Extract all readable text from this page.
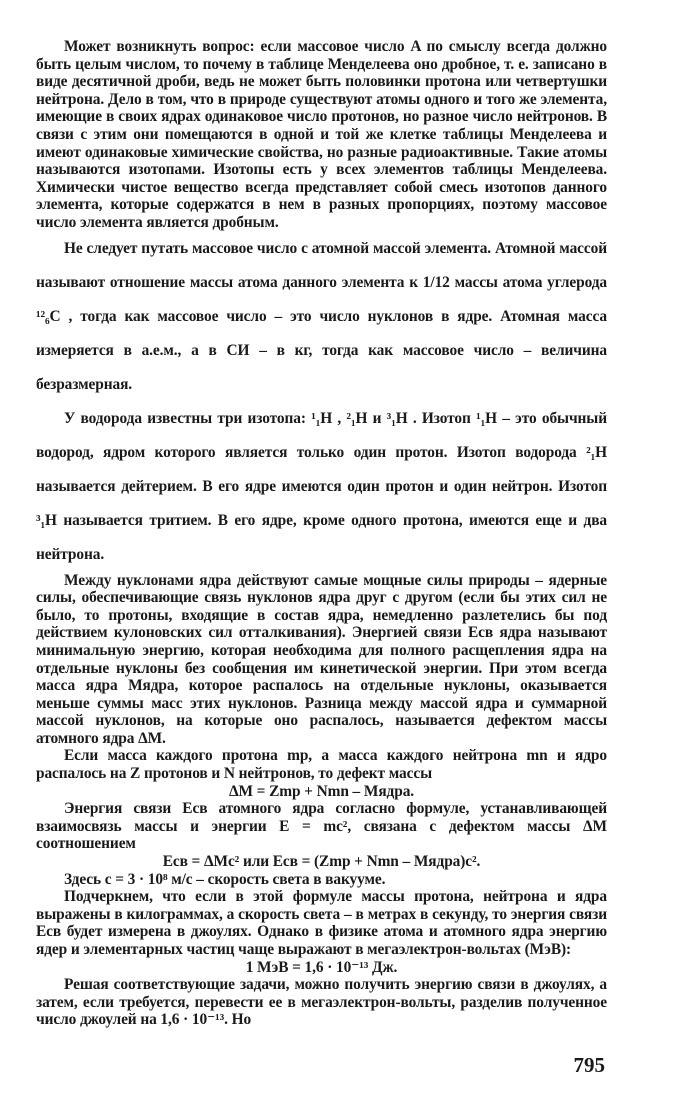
Может возникнуть вопрос: если массовое число A по смыслу всегда должно быть целым числом, то почему в таблице Менделеева оно дробное, т. е. записано в виде десятичной дроби, ведь не может быть половинки протона или четвертушки нейтрона. Дело в том, что в природе существуют атомы одного и того же элемента, имеющие в своих ядрах одинаковое число протонов, но разное число нейтронов. В связи с этим они помещаются в одной и той же клетке таблицы Менделеева и имеют одинаковые химические свойства, но разные радиоактивные. Такие атомы называются изотопами. Изотопы есть у всех элементов таблицы Менделеева. Химически чистое вещество всегда представляет собой смесь изотопов данного элемента, которые содержатся в нем в разных пропорциях, поэтому массовое число элемента является дробным.

Не следует путать массовое число с атомной массой элемента. Атомной массой называют отношение массы атома данного элемента к 1/12 массы атома углерода ¹²₆C , тогда как массовое число – это число нуклонов в ядре. Атомная масса измеряется в а.е.м., а в СИ – в кг, тогда как массовое число – величина безразмерная.

У водорода известны три изотопа: ¹₁H , ²₁H и ³₁H . Изотоп ¹₁H – это обычный водород, ядром которого является только один протон. Изотоп водорода ²₁H называется дейтерием. В его ядре имеются один протон и один нейтрон. Изотоп ³₁H называется тритием. В его ядре, кроме одного протона, имеются еще и два нейтрона.

Между нуклонами ядра действуют самые мощные силы природы – ядерные силы, обеспечивающие связь нуклонов ядра друг с другом (если бы этих сил не было, то протоны, входящие в состав ядра, немедленно разлетелись бы под действием кулоновских сил отталкивания). Энергией связи Eсв ядра называют минимальную энергию, которая необходима для полного расщепления ядра на отдельные нуклоны без сообщения им кинетической энергии. При этом всегда масса ядра Mядра, которое распалось на отдельные нуклоны, оказывается меньше суммы масс этих нуклонов. Разница между массой ядра и суммарной массой нуклонов, на которые оно распалось, называется дефектом массы атомного ядра ΔM.

Если масса каждого протона mp, а масса каждого нейтрона mn и ядро распалось на Z протонов и N нейтронов, то дефект массы

ΔM = Zmp + Nmn – Mядра.

Энергия связи Eсв атомного ядра согласно формуле, устанавливающей взаимосвязь массы и энергии E = mc², связана с дефектом массы ΔM соотношением

Eсв = ΔMc² или Eсв = (Zmp + Nmn – Mядра)c².

Здесь c = 3 · 10⁸ м/с – скорость света в вакууме.

Подчеркнем, что если в этой формуле массы протона, нейтрона и ядра выражены в килограммах, а скорость света – в метрах в секунду, то энергия связи Eсв будет измерена в джоулях. Однако в физике атома и атомного ядра энергию ядер и элементарных частиц чаще выражают в мегаэлектрон-вольтах (МэВ):

1 МэВ = 1,6 · 10⁻¹³ Дж.

Решая соответствующие задачи, можно получить энергию связи в джоулях, а затем, если требуется, перевести ее в мегаэлектрон-вольты, разделив полученное число джоулей на 1,6 · 10⁻¹³. Но

795
